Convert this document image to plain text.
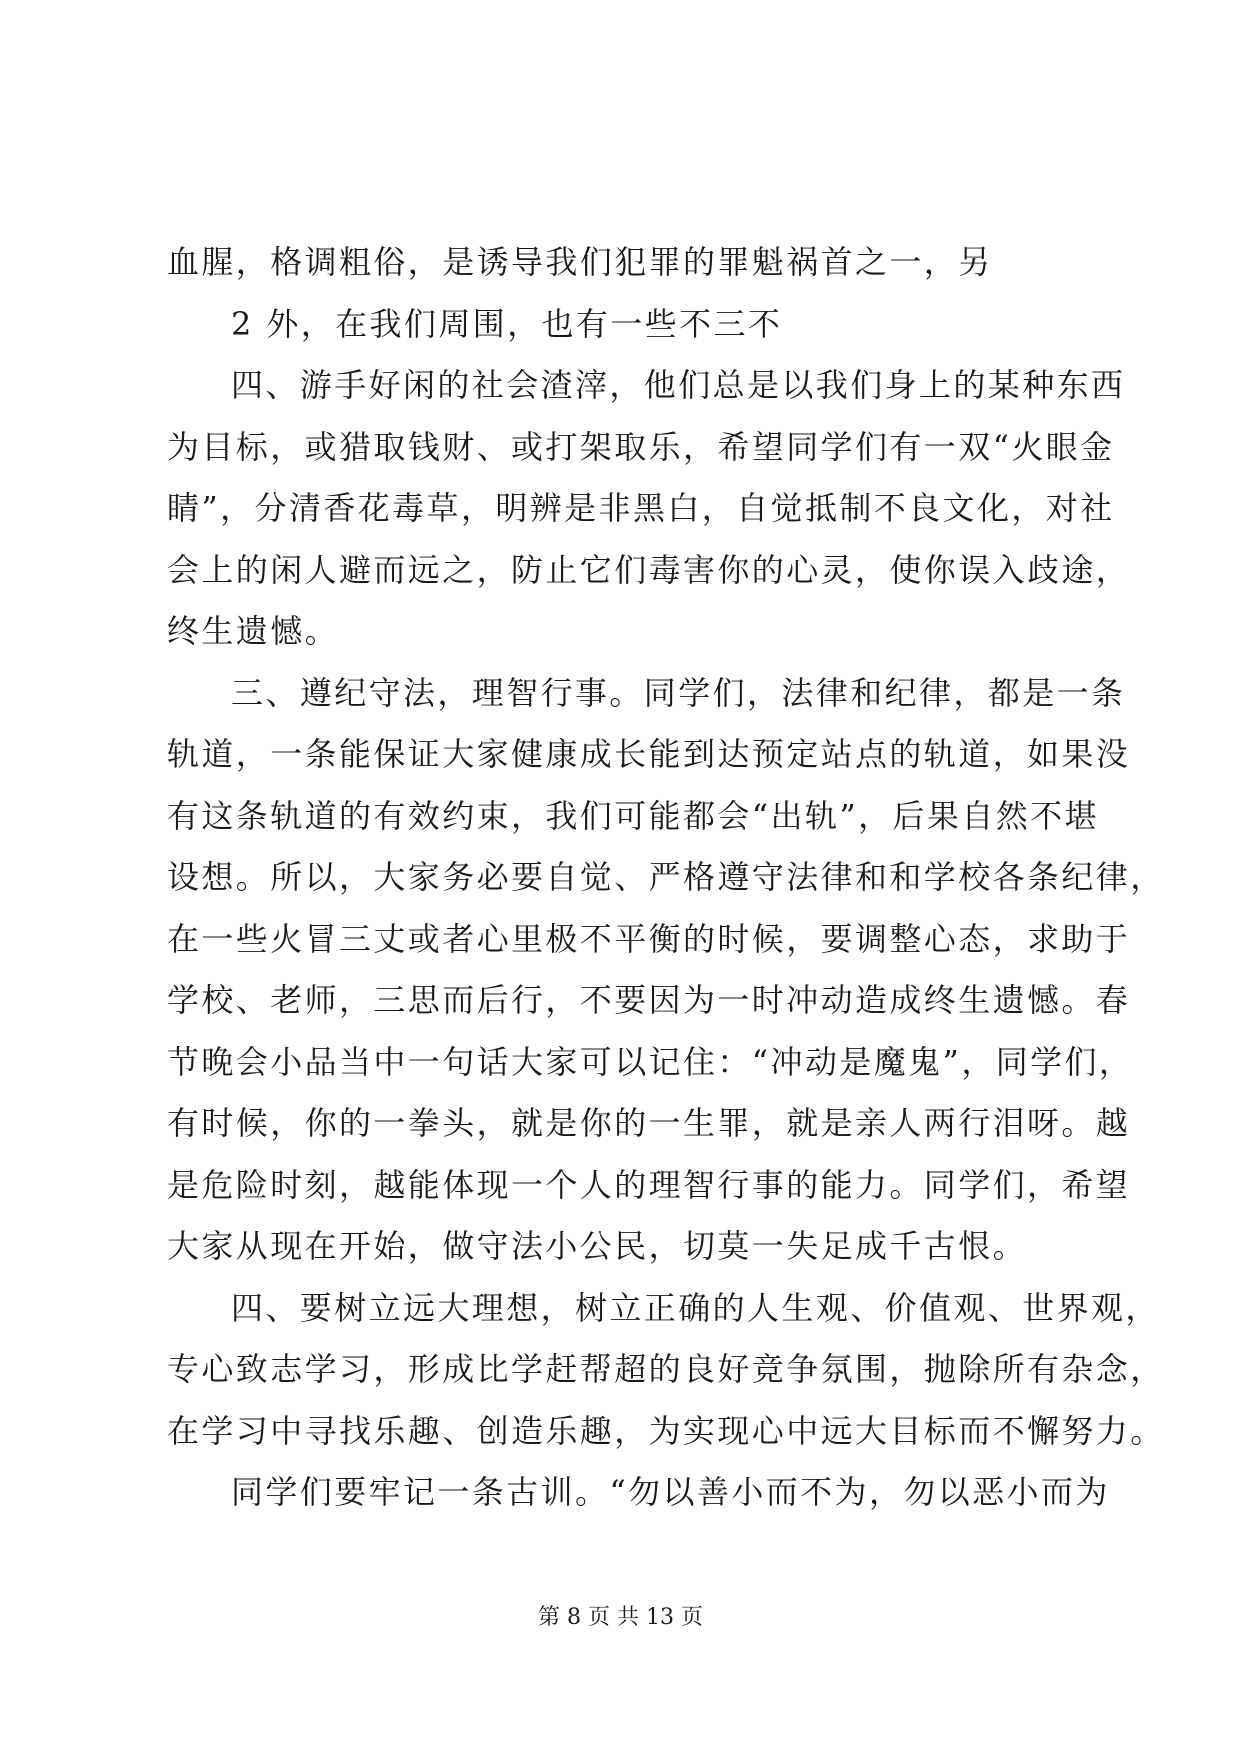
血腥，格调粗俗，是诱导我们犯罪的罪魁祸首之一，另
2 外，在我们周围，也有一些不三不
四、游手好闲的社会渣滓，他们总是以我们身上的某种东西
为目标，或猎取钱财、或打架取乐，希望同学们有一双“火眼金
睛”，分清香花毒草，明辨是非黑白，自觉抵制不良文化，对社
会上的闲人避而远之，防止它们毒害你的心灵，使你误入歧途，
终生遗憾。
三、遵纪守法，理智行事。同学们，法律和纪律，都是一条
轨道，一条能保证大家健康成长能到达预定站点的轨道，如果没
有这条轨道的有效约束，我们可能都会“出轨”，后果自然不堪
设想。所以，大家务必要自觉、严格遵守法律和和学校各条纪律，
在一些火冒三丈或者心里极不平衡的时候，要调整心态，求助于
学校、老师，三思而后行，不要因为一时冲动造成终生遗憾。春
节晚会小品当中一句话大家可以记住：“冲动是魔鬼”，同学们，
有时候，你的一拳头，就是你的一生罪，就是亲人两行泪呀。越
是危险时刻，越能体现一个人的理智行事的能力。同学们，希望
大家从现在开始，做守法小公民，切莫一失足成千古恨。
四、要树立远大理想，树立正确的人生观、价值观、世界观，
专心致志学习，形成比学赶帮超的良好竞争氛围，抛除所有杂念，
在学习中寻找乐趣、创造乐趣，为实现心中远大目标而不懈努力。
同学们要牢记一条古训。“勿以善小而不为，勿以恶小而为
第 8 页 共 13 页
